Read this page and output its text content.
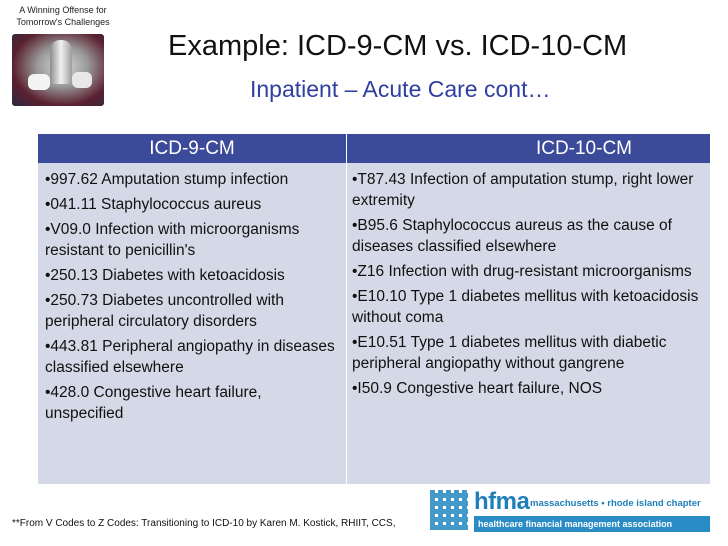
A Winning Offense for Tomorrow's Challenges
Example: ICD-9-CM vs. ICD-10-CM
Inpatient – Acute Care cont…
ICD-9-CM
•997.62 Amputation stump infection
•041.11 Staphylococcus aureus
•V09.0 Infection with microorganisms resistant to penicillin's
•250.13 Diabetes with ketoacidosis
•250.73 Diabetes uncontrolled with peripheral circulatory disorders
•443.81 Peripheral angiopathy in diseases classified elsewhere
•428.0 Congestive heart failure, unspecified
ICD-10-CM
•T87.43 Infection of amputation stump, right lower extremity
•B95.6 Staphylococcus aureus as the cause of diseases classified elsewhere
•Z16 Infection with drug-resistant microorganisms
•E10.10 Type 1 diabetes mellitus with ketoacidosis without coma
•E10.51 Type 1 diabetes mellitus with diabetic peripheral angiopathy without gangrene
•I50.9 Congestive heart failure, NOS
**From V Codes to Z Codes: Transitioning to ICD-10 by Karen M. Kostick, RHIIT, CCS,
hfma massachusetts • rhode island chapter
healthcare financial management association
